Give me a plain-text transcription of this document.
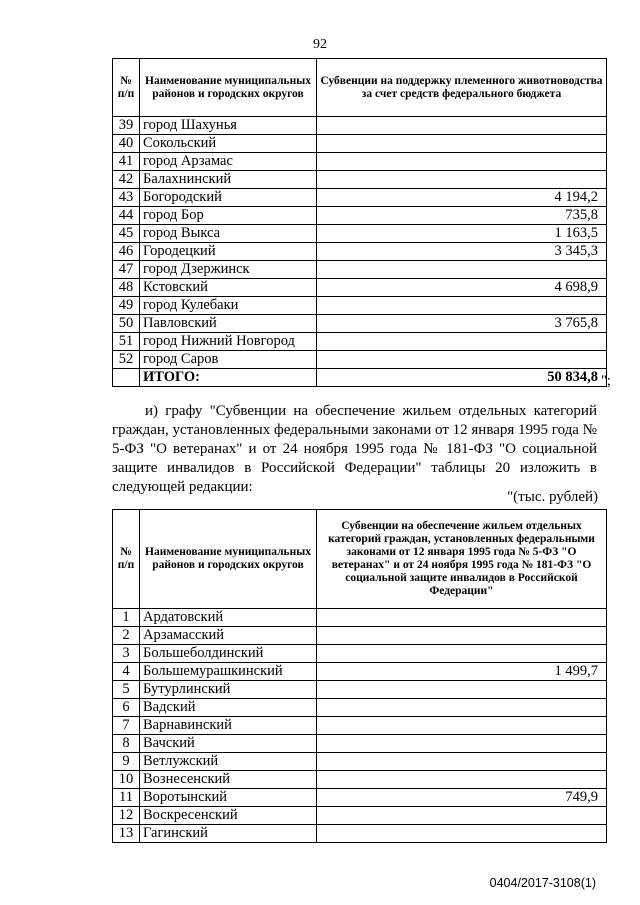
92
№ п/п	Наименование муниципальных районов и городских округов	Субвенции на поддержку племенного животноводства за счет средств федерального бюджета
39	город Шахунья	
40	Сокольский	
41	город Арзамас	
42	Балахнинский	
43	Богородский	4 194,2
44	город Бор	735,8
45	город Выкса	1 163,5
46	Городецкий	3 345,3
47	город Дзержинск	
48	Кстовский	4 698,9
49	город Кулебаки	
50	Павловский	3 765,8
51	город Нижний Новгород	
52	город Саров	
	ИТОГО:	50 834,8 ";
и) графу "Субвенции на обеспечение жильем отдельных категорий граждан, установленных федеральными законами от 12 января 1995 года № 5-ФЗ "О ветеранах" и от 24 ноября 1995 года № 181-ФЗ "О социальной защите инвалидов в Российской Федерации" таблицы 20 изложить в следующей редакции:
"(тыс. рублей)
№ п/п	Наименование муниципальных районов и городских округов	Субвенции на обеспечение жильем отдельных категорий граждан, установленных федеральными законами от 12 января 1995 года № 5-ФЗ "О ветеранах" и от 24 ноября 1995 года № 181-ФЗ "О социальной защите инвалидов в Российской Федерации"
1	Ардатовский	
2	Арзамасский	
3	Большеболдинский	
4	Большемурашкинский	1 499,7
5	Бутурлинский	
6	Вадский	
7	Варнавинский	
8	Вачский	
9	Ветлужский	
10	Вознесенский	
11	Воротынский	749,9
12	Воскресенский	
13	Гагинский	
0404/2017-3108(1)
